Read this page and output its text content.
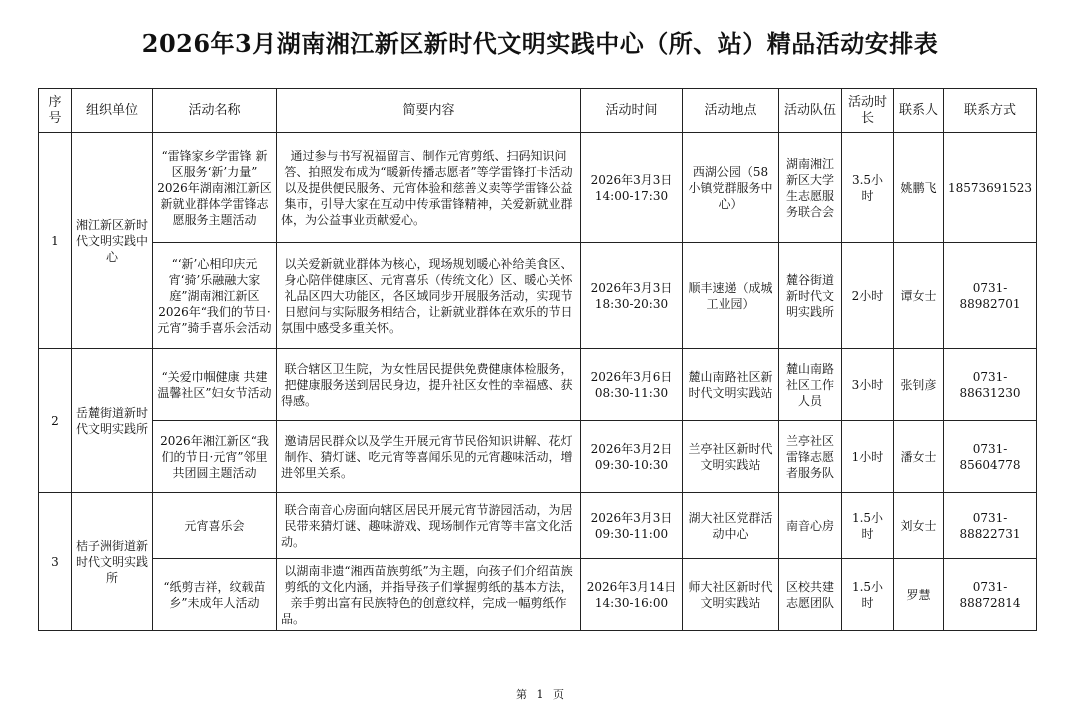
2026年3月湖南湘江新区新时代文明实践中心（所、站）精品活动安排表
序号	组织单位	活动名称	简要内容	活动时间	活动地点	活动队伍	活动时长	联系人	联系方式
1	湘江新区新时代文明实践中心	“雷锋家乡学雷锋 新区服务‘新’力量” 2026年湖南湘江新区新就业群体学雷锋志愿服务主题活动	通过参与书写祝福留言、制作元宵剪纸、扫码知识问答、拍照发布成为“暖新传播志愿者”等学雷锋打卡活动以及提供便民服务、元宵体验和慈善义卖等学雷锋公益集市，引导大家在互动中传承雷锋精神，关爱新就业群体，为公益事业贡献爱心。	2026年3月3日 14:00-17:30	西湖公园（58小镇党群服务中心）	湖南湘江新区大学生志愿服务联合会	3.5小时	姚鹏飞	18573691523
		“‘新’心相印庆元宵‘骑’乐融融大家庭”湖南湘江新区2026年“我们的节日·元宵”骑手喜乐会活动	以关爱新就业群体为核心，现场规划暖心补给美食区、身心陪伴健康区、元宵喜乐（传统文化）区、暖心关怀礼品区四大功能区，各区域同步开展服务活动，实现节日慰问与实际服务相结合，让新就业群体在欢乐的节日氛围中感受多重关怀。	2026年3月3日 18:30-20:30	顺丰速递（成城工业园）	麓谷街道新时代文明实践所	2小时	谭女士	0731-88982701
2	岳麓街道新时代文明实践所	“关爱巾帼健康 共建温馨社区”妇女节活动	联合辖区卫生院，为女性居民提供免费健康体检服务，把健康服务送到居民身边，提升社区女性的幸福感、获得感。	2026年3月6日 08:30-11:30	麓山南路社区新时代文明实践站	麓山南路社区工作人员	3小时	张钊彦	0731-88631230
		2026年湘江新区“我们的节日·元宵”邻里共团圆主题活动	邀请居民群众以及学生开展元宵节民俗知识讲解、花灯制作、猜灯谜、吃元宵等喜闻乐见的元宵趣味活动，增进邻里关系。	2026年3月2日 09:30-10:30	兰亭社区新时代文明实践站	兰亭社区雷锋志愿者服务队	1小时	潘女士	0731-85604778
3	桔子洲街道新时代文明实践所	元宵喜乐会	联合南音心房面向辖区居民开展元宵节游园活动，为居民带来猜灯谜、趣味游戏、现场制作元宵等丰富文化活动。	2026年3月3日 09:30-11:00	湖大社区党群活动中心	南音心房	1.5小时	刘女士	0731-88822731
		“纸剪吉祥，纹载苗乡”未成年人活动	以湖南非遗“湘西苗族剪纸”为主题，向孩子们介绍苗族剪纸的文化内涵，并指导孩子们掌握剪纸的基本方法，亲手剪出富有民族特色的创意纹样，完成一幅剪纸作品。	2026年3月14日 14:30-16:00	师大社区新时代文明实践站	区校共建志愿团队	1.5小时	罗慧	0731-88872814
第 1 页
